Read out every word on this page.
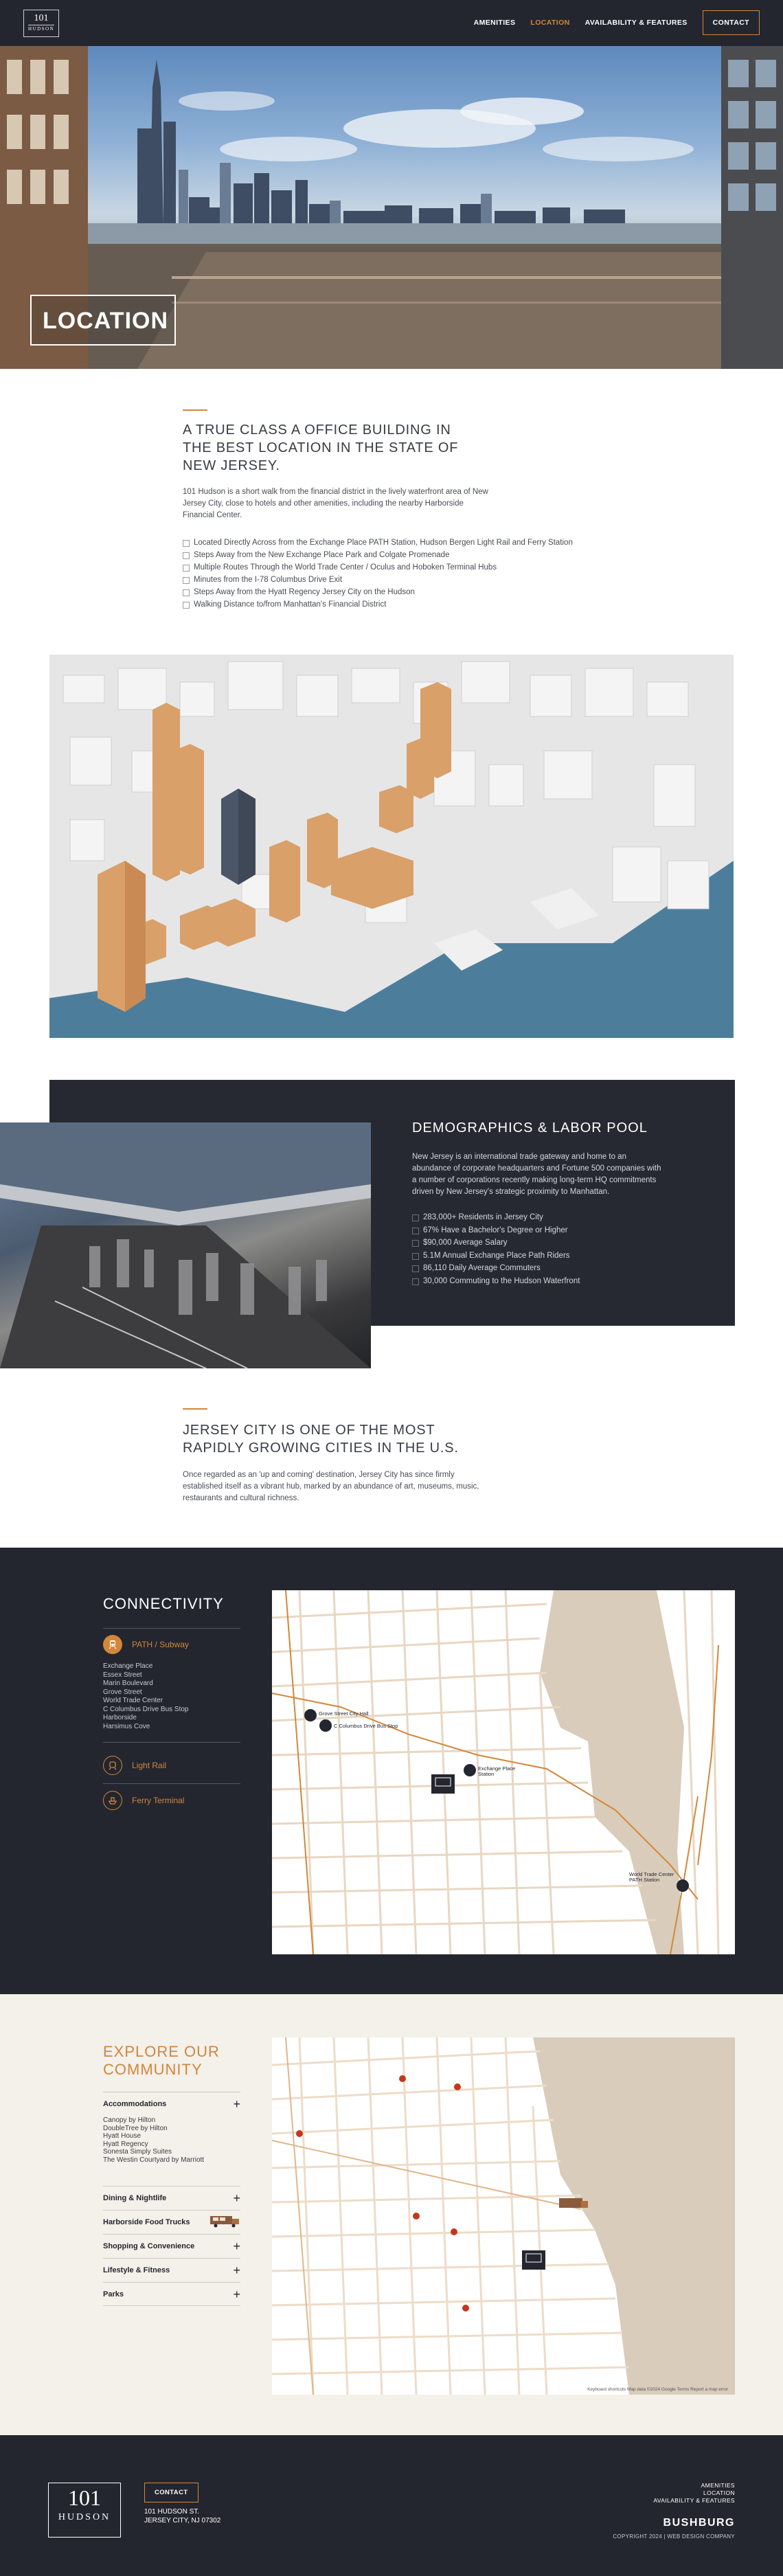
101
HUDSON
AMENITIES LOCATION AVAILABILITY & FEATURES	CONTACT
LOCATION
A TRUE CLASS A OFFICE BUILDING IN
THE BEST LOCATION IN THE STATE OF
NEW JERSEY.
101 Hudson is a short walk from the financial district in the lively waterfront area of New
Jersey City, close to hotels and other amenities, including the nearby Harborside
Financial Center.
Located Directly Across from the Exchange Place PATH Station, Hudson Bergen Light Rail and Ferry Station
Steps Away from the New Exchange Place Park and Colgate Promenade
Multiple Routes Through the World Trade Center / Oculus and Hoboken Terminal Hubs
Minutes from the I-78 Columbus Drive Exit
Steps Away from the Hyatt Regency Jersey City on the Hudson
Walking Distance to/from Manhattan's Financial District
DEMOGRAPHICS & LABOR POOL
New Jersey is an international trade gateway and home to an
abundance of corporate headquarters and Fortune 500 companies with
a number of corporations recently making long-term HQ commitments
driven by New Jersey's strategic proximity to Manhattan.
283,000+ Residents in Jersey City
67% Have a Bachelor's Degree or Higher
$90,000 Average Salary
5.1M Annual Exchange Place Path Riders
86,110 Daily Average Commuters
30,000 Commuting to the Hudson Waterfront
JERSEY CITY IS ONE OF THE MOST
RAPIDLY GROWING CITIES IN THE U.S.
Once regarded as an 'up and coming' destination, Jersey City has since firmly
established itself as a vibrant hub, marked by an abundance of art, museums, music,
restaurants and cultural richness.
CONNECTIVITY
PATH / Subway
Exchange Place
Essex Street
Marin Boulevard
Grove Street
World Trade Center
C Columbus Drive Bus Stop
Harborside
Harsimus Cove
Light Rail
Ferry Terminal
Grove Street City Hall
C Columbus Drive Bus Stop
Exchange Place Station
World Trade Center PATH Station
EXPLORE OUR
COMMUNITY
Accommodations	+
Canopy by Hilton
DoubleTree by Hilton
Hyatt House
Hyatt Regency
Sonesta Simply Suites
The Westin Courtyard by Marriott
Dining & Nightlife	+
Harborside Food Trucks
Shopping & Convenience	+
Lifestyle & Fitness	+
Parks	+
Keyboard shortcuts Map data ©2024 Google Terms Report a map error
101
HUDSON
CONTACT
101 HUDSON ST.
JERSEY CITY, NJ 07302
AMENITIES
LOCATION
AVAILABILITY & FEATURES
BUSHBURG
COPYRIGHT 2024 | WEB DESIGN COMPANY
